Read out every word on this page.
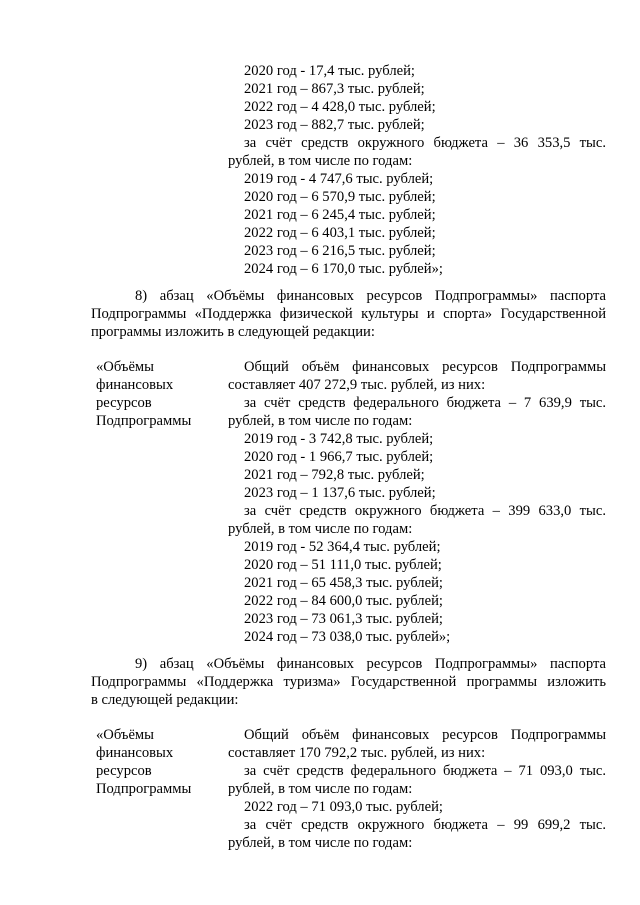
2020 год - 17,4 тыс. рублей;
2021 год – 867,3 тыс. рублей;
2022 год – 4 428,0 тыс. рублей;
2023 год – 882,7 тыс. рублей;
за счёт средств окружного бюджета – 36 353,5 тыс.
рублей, в том числе по годам:
2019 год - 4 747,6 тыс. рублей;
2020 год – 6 570,9 тыс. рублей;
2021 год – 6 245,4 тыс. рублей;
2022 год – 6 403,1 тыс. рублей;
2023 год – 6 216,5 тыс. рублей;
2024 год – 6 170,0 тыс. рублей»;
8) абзац «Объёмы финансовых ресурсов Подпрограммы» паспорта
Подпрограммы «Поддержка физической культуры и спорта» Государственной
программы изложить в следующей редакции:
«Объёмы
финансовых
ресурсов
Подпрограммы
Общий объём финансовых ресурсов Подпрограммы
составляет 407 272,9 тыс. рублей, из них:
за счёт средств федерального бюджета – 7 639,9 тыс.
рублей, в том числе по годам:
2019 год - 3 742,8 тыс. рублей;
2020 год - 1 966,7 тыс. рублей;
2021 год – 792,8 тыс. рублей;
2023 год – 1 137,6 тыс. рублей;
за счёт средств окружного бюджета – 399 633,0 тыс.
рублей, в том числе по годам:
2019 год - 52 364,4 тыс. рублей;
2020 год – 51 111,0 тыс. рублей;
2021 год – 65 458,3 тыс. рублей;
2022 год – 84 600,0 тыс. рублей;
2023 год – 73 061,3 тыс. рублей;
2024 год – 73 038,0 тыс. рублей»;
9) абзац «Объёмы финансовых ресурсов Подпрограммы» паспорта
Подпрограммы «Поддержка туризма» Государственной программы изложить
в следующей редакции:
«Объёмы
финансовых
ресурсов
Подпрограммы
Общий объём финансовых ресурсов Подпрограммы
составляет 170 792,2 тыс. рублей, из них:
за счёт средств федерального бюджета – 71 093,0 тыс.
рублей, в том числе по годам:
2022 год – 71 093,0 тыс. рублей;
за счёт средств окружного бюджета – 99 699,2 тыс.
рублей, в том числе по годам:
